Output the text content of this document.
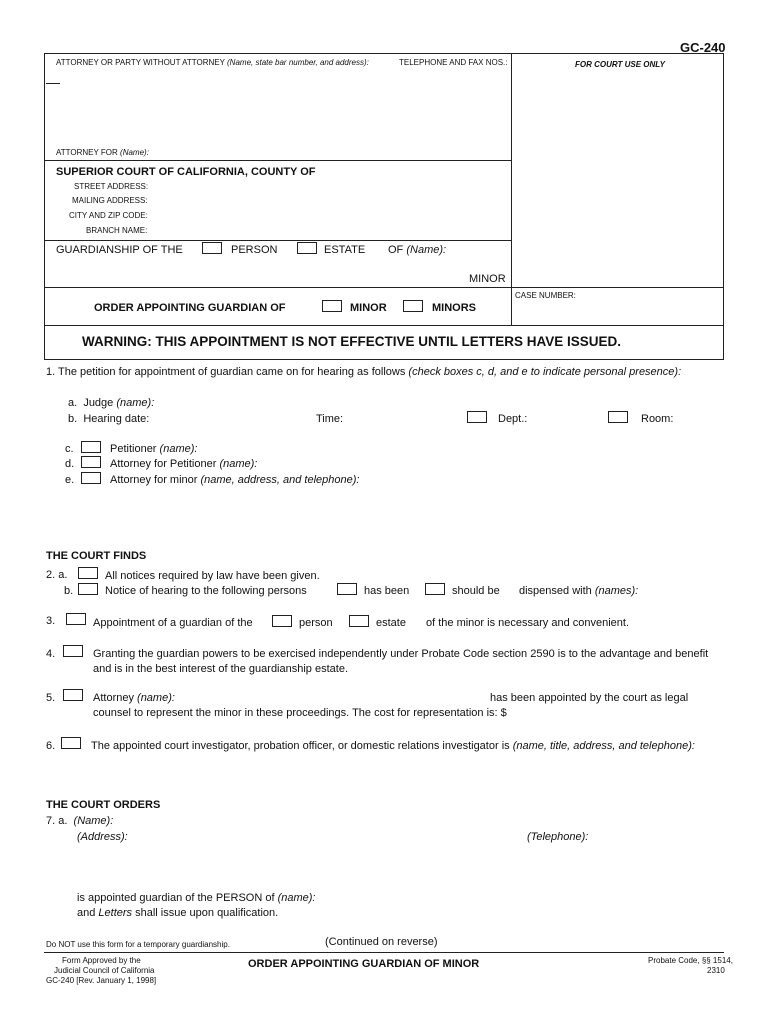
GC-240
ATTORNEY OR PARTY WITHOUT ATTORNEY (Name, state bar number, and address):	TELEPHONE AND FAX NOS.:	FOR COURT USE ONLY
ATTORNEY FOR (Name):
SUPERIOR COURT OF CALIFORNIA, COUNTY OF
STREET ADDRESS:
MAILING ADDRESS:
CITY AND ZIP CODE:
BRANCH NAME:
GUARDIANSHIP OF THE	PERSON	ESTATE OF (Name):
MINOR
ORDER APPOINTING GUARDIAN OF	MINOR	MINORS
CASE NUMBER:
WARNING: THIS APPOINTMENT IS NOT EFFECTIVE UNTIL LETTERS HAVE ISSUED.
1. The petition for appointment of guardian came on for hearing as follows (check boxes c, d, and e to indicate personal presence):
a. Judge (name):
b. Hearing date:	Time:	Dept.:	Room:
c.	Petitioner (name):
d.	Attorney for Petitioner (name):
e.	Attorney for minor (name, address, and telephone):
THE COURT FINDS
2. a.	All notices required by law have been given.
b.	Notice of hearing to the following persons	has been	should be dispensed with (names):
3.	Appointment of a guardian of the	person	estate of the minor is necessary and convenient.
4.	Granting the guardian powers to be exercised independently under Probate Code section 2590 is to the advantage and benefit
and is in the best interest of the guardianship estate.
5.	Attorney (name):	has been appointed by the court as legal
counsel to represent the minor in these proceedings. The cost for representation is: $
6.	The appointed court investigator, probation officer, or domestic relations investigator is (name, title, address, and telephone):
THE COURT ORDERS
7. a. (Name):
(Address):	(Telephone):
is appointed guardian of the PERSON of (name):
and Letters shall issue upon qualification.
Do NOT use this form for a temporary guardianship.	(Continued on reverse)
Form Approved by the
Judicial Council of California
GC-240 [Rev. January 1, 1998]
ORDER APPOINTING GUARDIAN OF MINOR	Probate Code, §§ 1514,
2310
